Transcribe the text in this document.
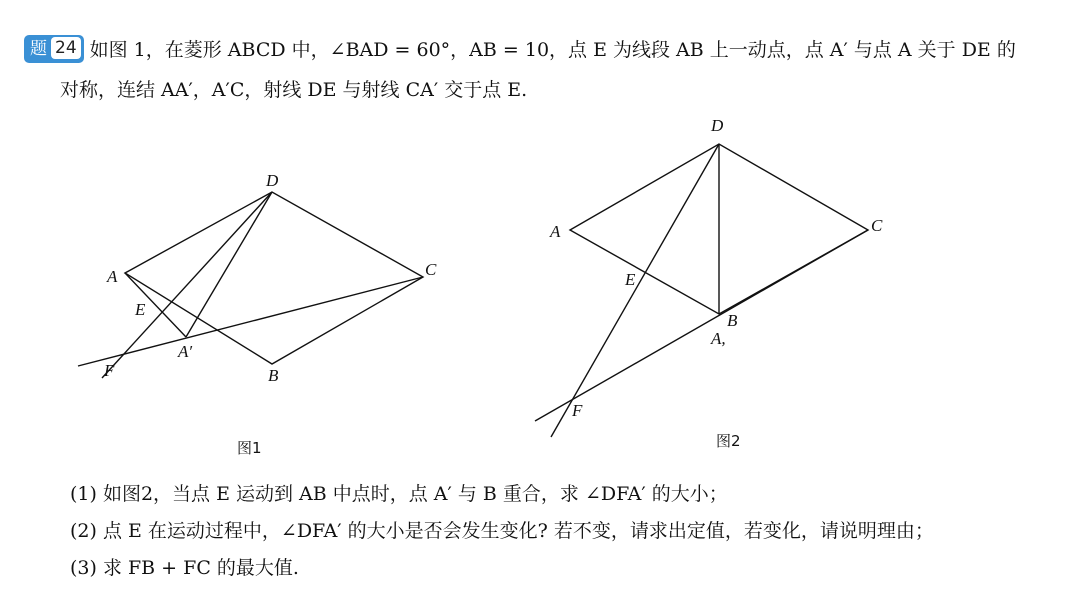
题 24 如图 1，在菱形 ABCD 中，∠BAD = 60°，AB = 10，点 E 为线段 AB 上一动点，点 A′ 与点 A 关于 DE 的
对称，连结 AA′，A′C，射线 DE 与射线 CA′ 交于点 E.
D
A	C
E
A′
F	B
图1
D
A	C
E
B
A,
F
图2
(1) 如图2，当点 E 运动到 AB 中点时，点 A′ 与 B 重合，求 ∠DFA′ 的大小；
(2) 点 E 在运动过程中，∠DFA′ 的大小是否会发生变化? 若不变，请求出定值，若变化，请说明理由；
(3) 求 FB + FC 的最大值.
